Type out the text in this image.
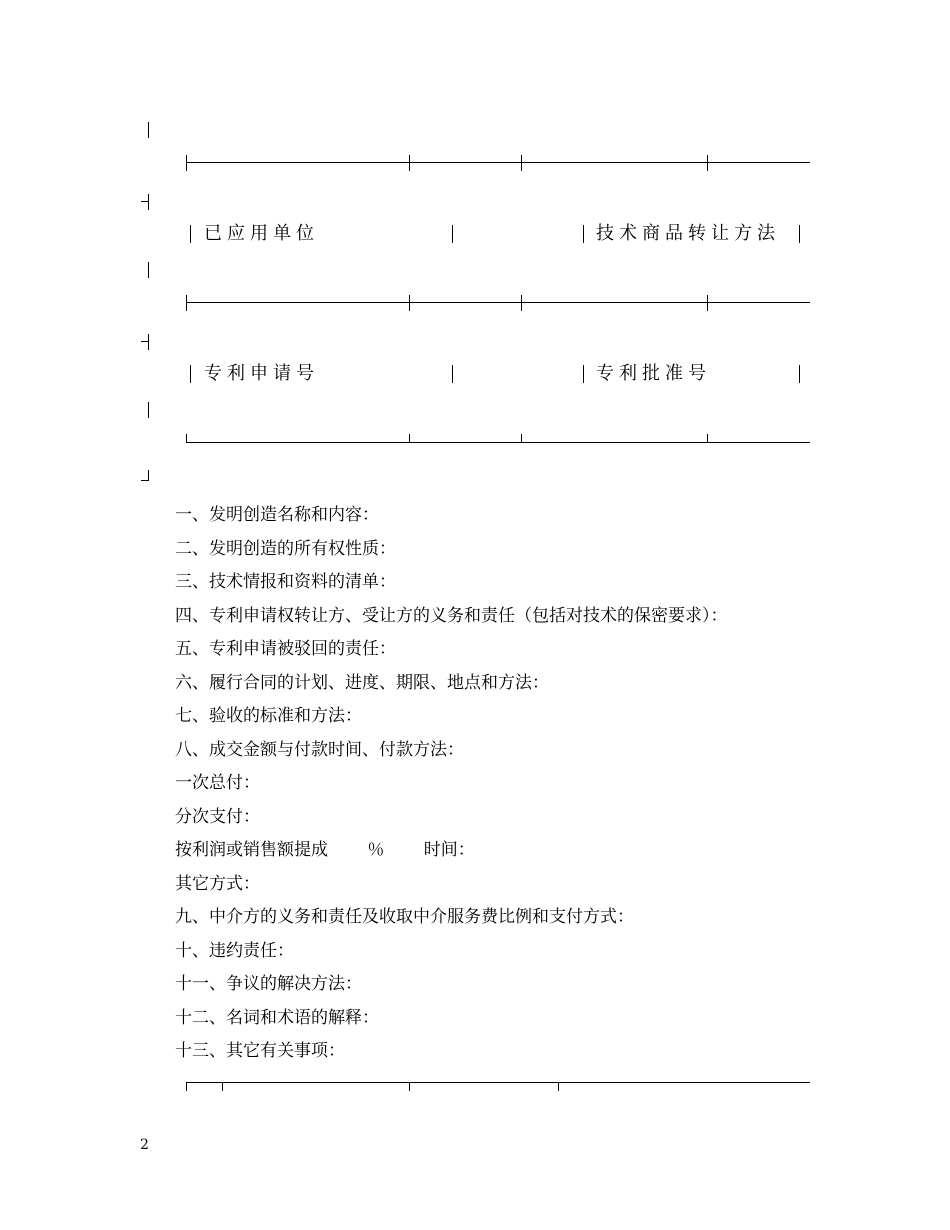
已应用单位	技术商品转让方法
专利申请号	专利批准号
一、发明创造名称和内容：
二、发明创造的所有权性质：
三、技术情报和资料的清单：
四、专利申请权转让方、受让方的义务和责任（包括对技术的保密要求）：
五、专利申请被驳回的责任：
六、履行合同的计划、进度、期限、地点和方法：
七、验收的标准和方法：
八、成交金额与付款时间、付款方法：
一次总付：
分次支付：
按利润或销售额提成　　 ％　　 时间：
其它方式：
九、中介方的义务和责任及收取中介服务费比例和支付方式：
十、违约责任：
十一、争议的解决方法：
十二、名词和术语的解释：
十三、其它有关事项：
2
